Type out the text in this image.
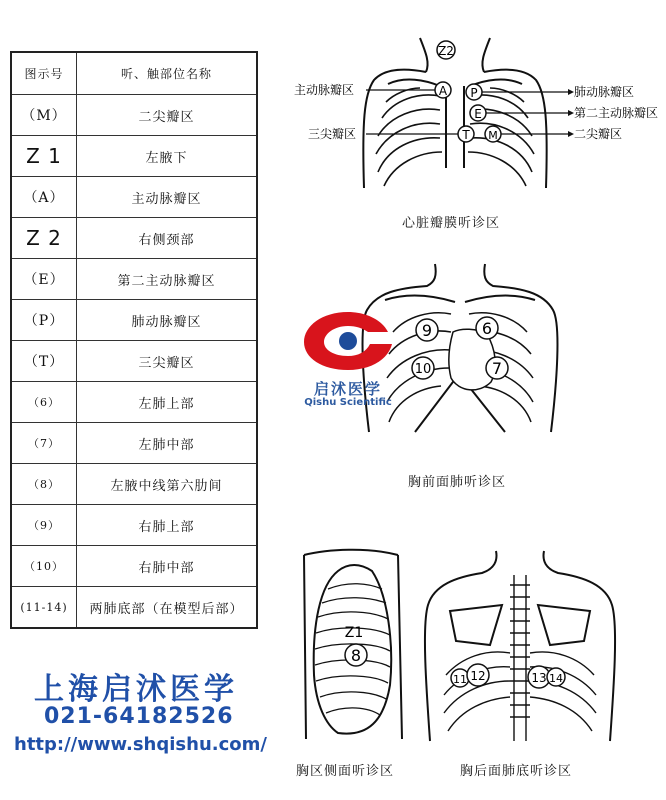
图示号	听、触部位名称
（M）	二尖瓣区
Z 1	左腋下
（A）	主动脉瓣区
Z 2	右侧颈部
（E）	第二主动脉瓣区
（P）	肺动脉瓣区
（T）	三尖瓣区
（6）	左肺上部
（7）	左肺中部
（8）	左腋中线第六肋间
（9）	右肺上部
（10）	右肺中部
(11-14)	两肺底部（在模型后部）
Z2
A P
E
T M
主动脉瓣区	肺动脉瓣区
第二主动脉瓣区
三尖瓣区	二尖瓣区
心脏瓣膜听诊区
9	6
10	7
胸前面肺听诊区
启沭医学
Qishu Scientific
Z1
8
胸区侧面听诊区
11 12	13 14
胸后面肺底听诊区
上海启沭医学
021-64182526
http://www.shqishu.com/
